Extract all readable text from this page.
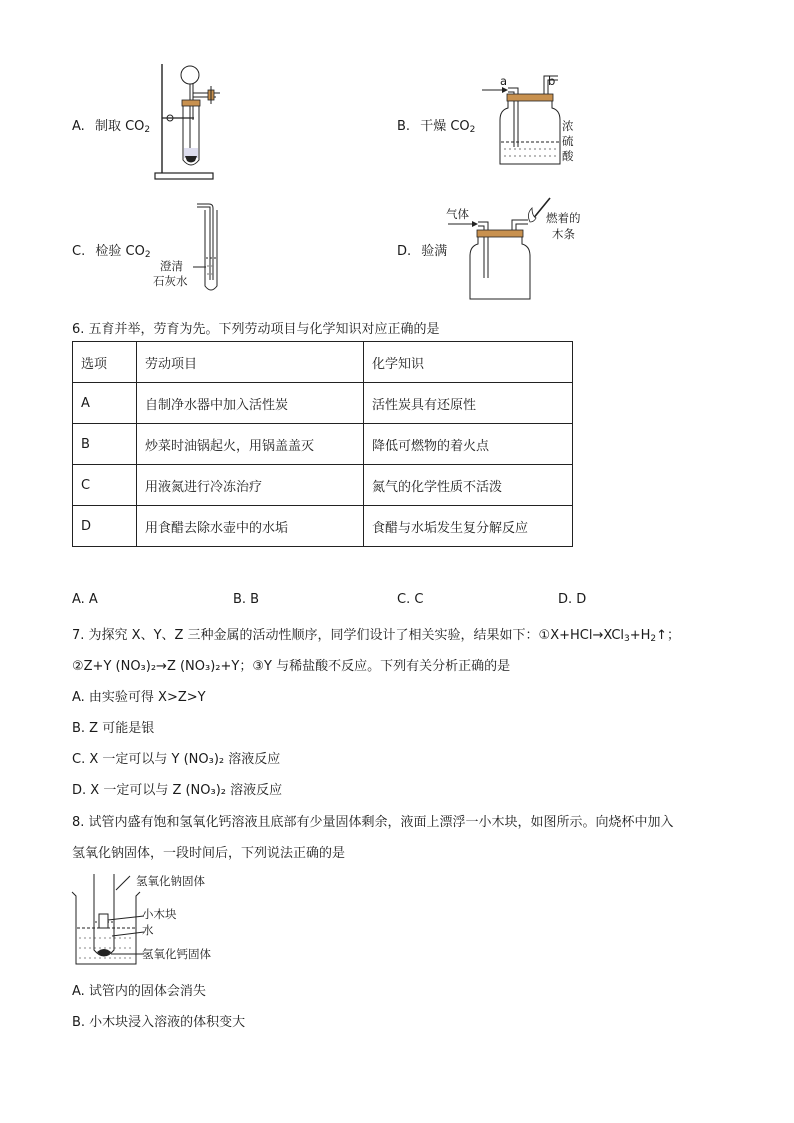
A. 制取 $CO_2$	B. 干燥 $CO_2$
a	b
浓
硫
酸
C. 检验 $CO_2$
澄清
石灰水
D. 验满
气体	燃着的
木条
6. 五育并举，劳育为先。下列劳动项目与化学知识对应正确的是
选项	劳动项目	化学知识
A	自制净水器中加入活性炭	活性炭具有还原性
B	炒菜时油锅起火，用锅盖盖灭	降低可燃物的着火点
C	用液氮进行冷冻治疗	氮气的化学性质不活泼
D	用食醋去除水壶中的水垢	食醋与水垢发生复分解反应
A. A	B. B	C. C	D. D
7. 为探究 X、Y、Z 三种金属的活动性顺序，同学们设计了相关实验，结果如下：$①X+HCl\to XCl_3+H_2↑$；
②Z+Y (NO₃)₂→Z (NO₃)₂+Y；③Y 与稀盐酸不反应。下列有关分析正确的是
A. 由实验可得 X>Z>Y
B. Z 可能是银
C. X 一定可以与 Y (NO₃)₂ 溶液反应
D. X 一定可以与 Z (NO₃)₂ 溶液反应
8. 试管内盛有饱和氢氧化钙溶液且底部有少量固体剩余，液面上漂浮一小木块，如图所示。向烧杯中加入
氢氧化钠固体，一段时间后，下列说法正确的是
氢氧化钠固体
小木块
水
氢氧化钙固体
A. 试管内的固体会消失
B. 小木块浸入溶液的体积变大
